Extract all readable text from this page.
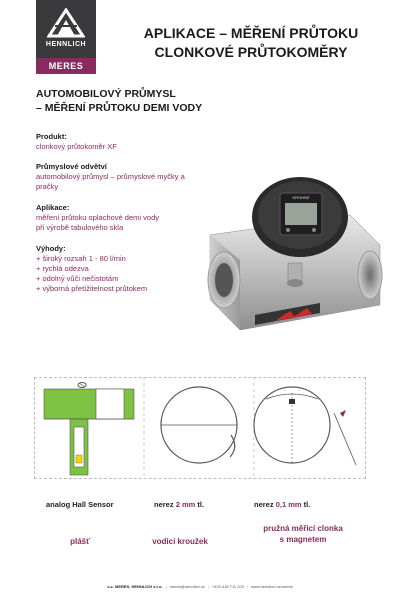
HENNLICH
MERES
APLIKACE – MĚŘENÍ PRŮTOKU
CLONKOVÉ PRŮTOKOMĚRY
AUTOMOBILOVÝ PRŮMYSL
– MĚŘENÍ PRŮTOKU DEMI VODY
Produkt:
clonkový průtokoměr XF
Průmyslové odvětví
automobilový průmysl – průmyslové myčky a
pračky
Aplikace:
měření průtoku oplachové demi vody
při výrobě tabulového skla
Výhody:
+ široký rozsah 1 - 80 l/min
+ rychlá odezva
+ odolný vůči nečistotám
+ výborná přetížitelnost průtokem
KROHNE
analog Hall Sensor	nerez 2 mm tl.	nerez 0,1 mm tl.
plášť	vodicí kroužek
pružná měřicí clonka
s magnetem
o.z. MERES, HENNLICH s.r.o. | meres@hennlich.cz | +420 416 711 203 | www.hennlich.cz/meres
